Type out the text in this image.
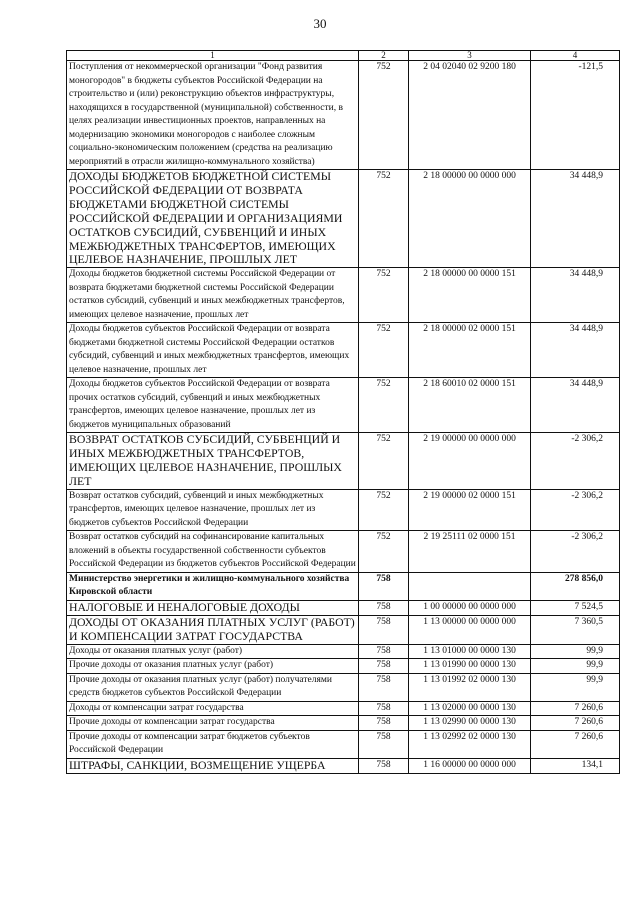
30
1	2	3	4
Поступления от некоммерческой организации "Фонд развития моногородов" в бюджеты субъектов Российской Федерации на строительство и (или) реконструкцию объектов инфраструктуры, находящихся в государственной (муниципальной) собственности, в целях реализации инвестиционных проектов, направленных на модернизацию экономики моногородов с наиболее сложным социально-экономическим положением (средства на реализацию мероприятий в отрасли жилищно-коммунального хозяйства)	752	2 04 02040 02 9200 180	-121,5

ДОХОДЫ БЮДЖЕТОВ БЮДЖЕТНОЙ СИСТЕМЫ РОССИЙСКОЙ ФЕДЕРАЦИИ ОТ ВОЗВРАТА БЮДЖЕТАМИ БЮДЖЕТНОЙ СИСТЕМЫ РОССИЙСКОЙ ФЕДЕРАЦИИ И ОРГАНИЗАЦИЯМИ ОСТАТКОВ СУБСИДИЙ, СУБВЕНЦИЙ И ИНЫХ МЕЖБЮДЖЕТНЫХ ТРАНСФЕРТОВ, ИМЕЮЩИХ ЦЕЛЕВОЕ НАЗНАЧЕНИЕ, ПРОШЛЫХ ЛЕТ	752	2 18 00000 00 0000 000	34 448,9

Доходы бюджетов бюджетной системы Российской Федерации от возврата бюджетами бюджетной системы Российской Федерации остатков субсидий, субвенций и иных межбюджетных трансфертов, имеющих целевое назначение, прошлых лет	752	2 18 00000 00 0000 151	34 448,9

Доходы бюджетов субъектов Российской Федерации от возврата бюджетами бюджетной системы Российской Федерации остатков субсидий, субвенций и иных межбюджетных трансфертов, имеющих целевое назначение, прошлых лет	752	2 18 00000 02 0000 151	34 448,9

Доходы бюджетов субъектов Российской Федерации от возврата прочих остатков субсидий, субвенций и иных межбюджетных трансфертов, имеющих целевое назначение, прошлых лет из бюджетов муниципальных образований	752	2 18 60010 02 0000 151	34 448,9

ВОЗВРАТ ОСТАТКОВ СУБСИДИЙ, СУБВЕНЦИЙ И ИНЫХ МЕЖБЮДЖЕТНЫХ ТРАНСФЕРТОВ, ИМЕЮЩИХ ЦЕЛЕВОЕ НАЗНАЧЕНИЕ, ПРОШЛЫХ ЛЕТ	752	2 19 00000 00 0000 000	-2 306,2

Возврат остатков субсидий, субвенций и иных межбюджетных трансфертов, имеющих целевое назначение, прошлых лет из бюджетов субъектов Российской Федерации	752	2 19 00000 02 0000 151	-2 306,2

Возврат остатков субсидий на софинансирование капитальных вложений в объекты государственной собственности субъектов Российской Федерации из бюджетов субъектов Российской Федерации	752	2 19 25111 02 0000 151	-2 306,2

Министерство энергетики и жилищно-коммунального хозяйства Кировской области	758		278 856,0

НАЛОГОВЫЕ И НЕНАЛОГОВЫЕ ДОХОДЫ	758	1 00 00000 00 0000 000	7 524,5

ДОХОДЫ ОТ ОКАЗАНИЯ ПЛАТНЫХ УСЛУГ (РАБОТ) И КОМПЕНСАЦИИ ЗАТРАТ ГОСУДАРСТВА	758	1 13 00000 00 0000 000	7 360,5

Доходы от оказания платных услуг (работ)	758	1 13 01000 00 0000 130	99,9

Прочие доходы от оказания платных услуг (работ)	758	1 13 01990 00 0000 130	99,9

Прочие доходы от оказания платных услуг (работ) получателями средств бюджетов субъектов Российской Федерации	758	1 13 01992 02 0000 130	99,9

Доходы от компенсации затрат государства	758	1 13 02000 00 0000 130	7 260,6

Прочие доходы от компенсации затрат государства	758	1 13 02990 00 0000 130	7 260,6

Прочие доходы от компенсации затрат бюджетов субъектов Российской Федерации	758	1 13 02992 02 0000 130	7 260,6

ШТРАФЫ, САНКЦИИ, ВОЗМЕЩЕНИЕ УЩЕРБА	758	1 16 00000 00 0000 000	134,1
